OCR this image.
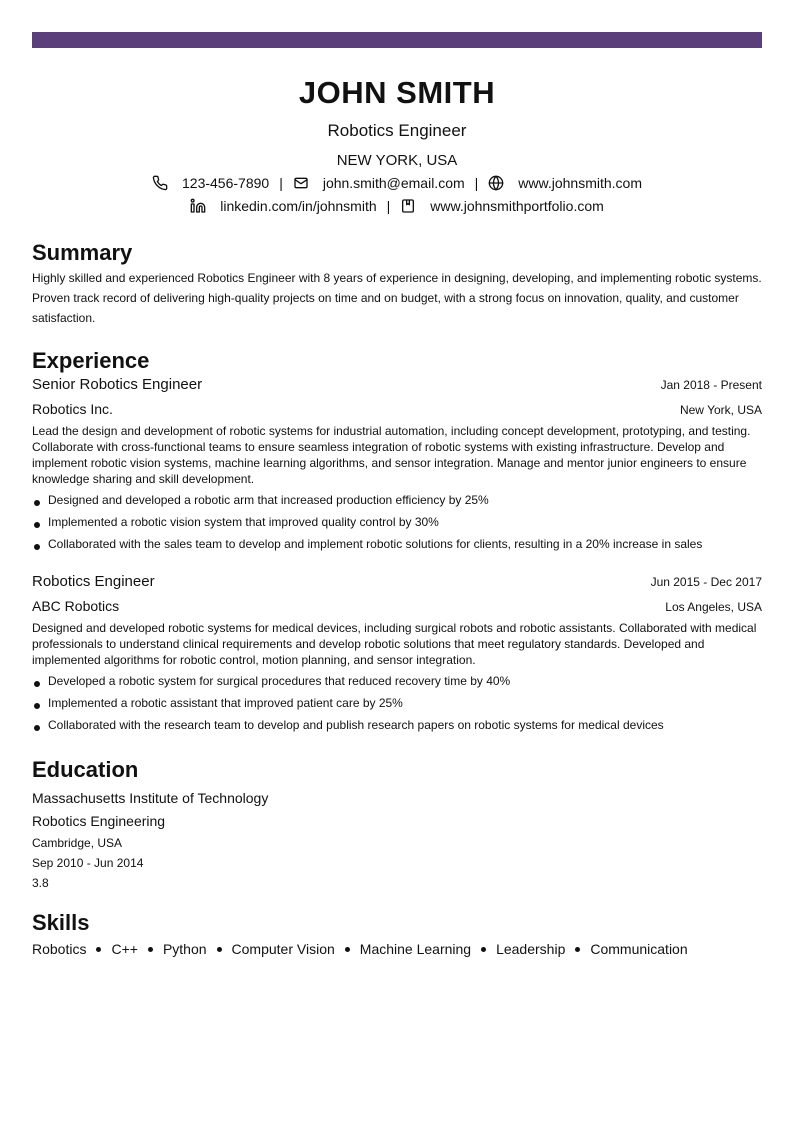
JOHN SMITH
Robotics Engineer
NEW YORK, USA
123-456-7890 |	john.smith@email.com |	www.johnsmith.com
linkedin.com/in/johnsmith |	www.johnsmithportfolio.com
Summary
Highly skilled and experienced Robotics Engineer with 8 years of experience in designing, developing, and implementing robotic systems. Proven track record of delivering high-quality projects on time and on budget, with a strong focus on innovation, quality, and customer satisfaction.
Experience
Senior Robotics Engineer	Jan 2018 - Present
Robotics Inc.	New York, USA
Lead the design and development of robotic systems for industrial automation, including concept development, prototyping, and testing. Collaborate with cross-functional teams to ensure seamless integration of robotic systems with existing infrastructure. Develop and implement robotic vision systems, machine learning algorithms, and sensor integration. Manage and mentor junior engineers to ensure knowledge sharing and skill development.
Designed and developed a robotic arm that increased production efficiency by 25%
Implemented a robotic vision system that improved quality control by 30%
Collaborated with the sales team to develop and implement robotic solutions for clients, resulting in a 20% increase in sales
Robotics Engineer	Jun 2015 - Dec 2017
ABC Robotics	Los Angeles, USA
Designed and developed robotic systems for medical devices, including surgical robots and robotic assistants. Collaborated with medical professionals to understand clinical requirements and develop robotic solutions that meet regulatory standards. Developed and implemented algorithms for robotic control, motion planning, and sensor integration.
Developed a robotic system for surgical procedures that reduced recovery time by 40%
Implemented a robotic assistant that improved patient care by 25%
Collaborated with the research team to develop and publish research papers on robotic systems for medical devices
Education
Massachusetts Institute of Technology
Robotics Engineering
Cambridge, USA
Sep 2010 - Jun 2014
3.8
Skills
Robotics C++ Python Computer Vision Machine Learning Leadership Communication
